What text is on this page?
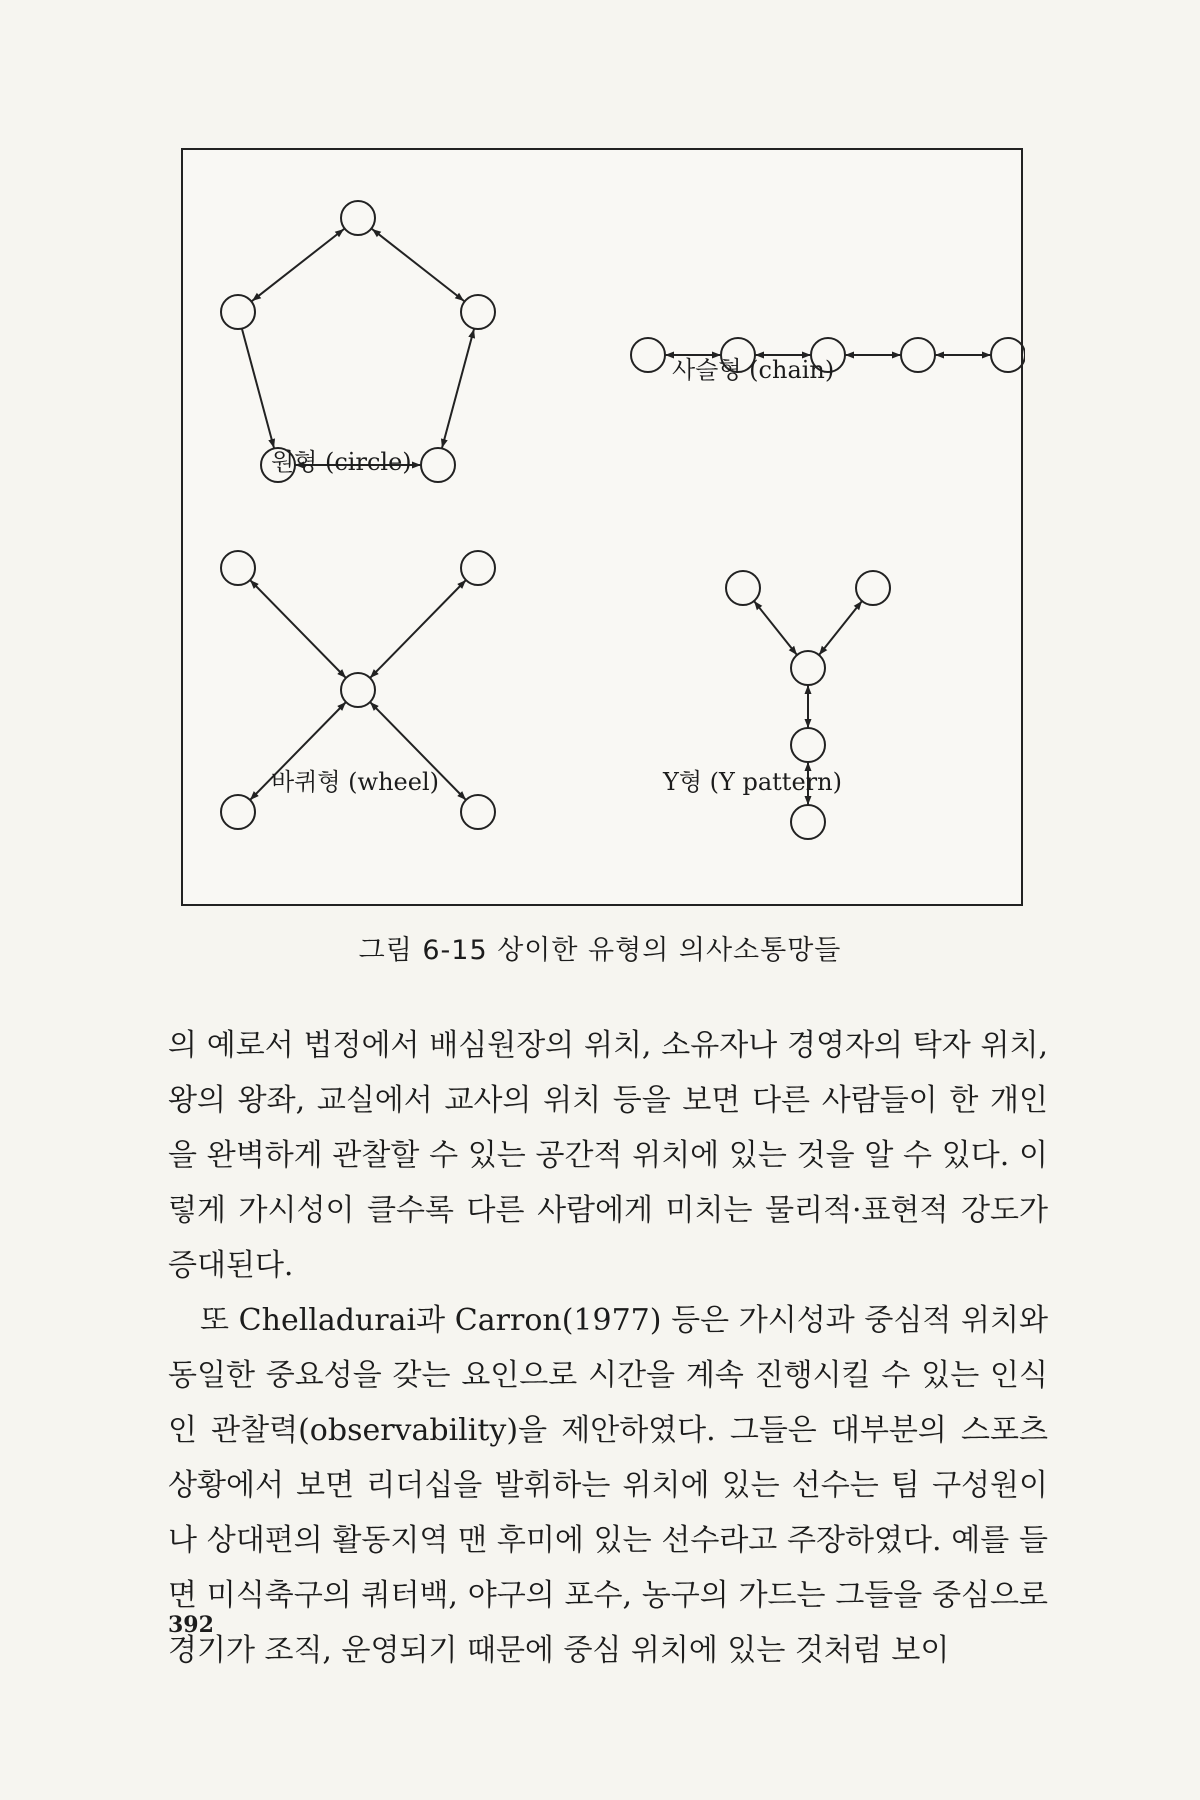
원형 (circle)
사슬형 (chain)
바퀴형 (wheel)	Y형 (Y pattern)
그림 6-15 상이한 유형의 의사소통망들

의 예로서 법정에서 배심원장의 위치, 소유자나 경영자의 탁자 위치, 왕의 왕좌, 교실에서 교사의 위치 등을 보면 다른 사람들이 한 개인을 완벽하게 관찰할 수 있는 공간적 위치에 있는 것을 알 수 있다. 이렇게 가시성이 클수록 다른 사람에게 미치는 물리적·표현적 강도가 증대된다.

또 Chelladurai과 Carron(1977) 등은 가시성과 중심적 위치와 동일한 중요성을 갖는 요인으로 시간을 계속 진행시킬 수 있는 인식인 관찰력(observability)을 제안하였다. 그들은 대부분의 스포츠 상황에서 보면 리더십을 발휘하는 위치에 있는 선수는 팀 구성원이나 상대편의 활동지역 맨 후미에 있는 선수라고 주장하였다. 예를 들면 미식축구의 쿼터백, 야구의 포수, 농구의 가드는 그들을 중심으로 경기가 조직, 운영되기 때문에 중심 위치에 있는 것처럼 보이

392
